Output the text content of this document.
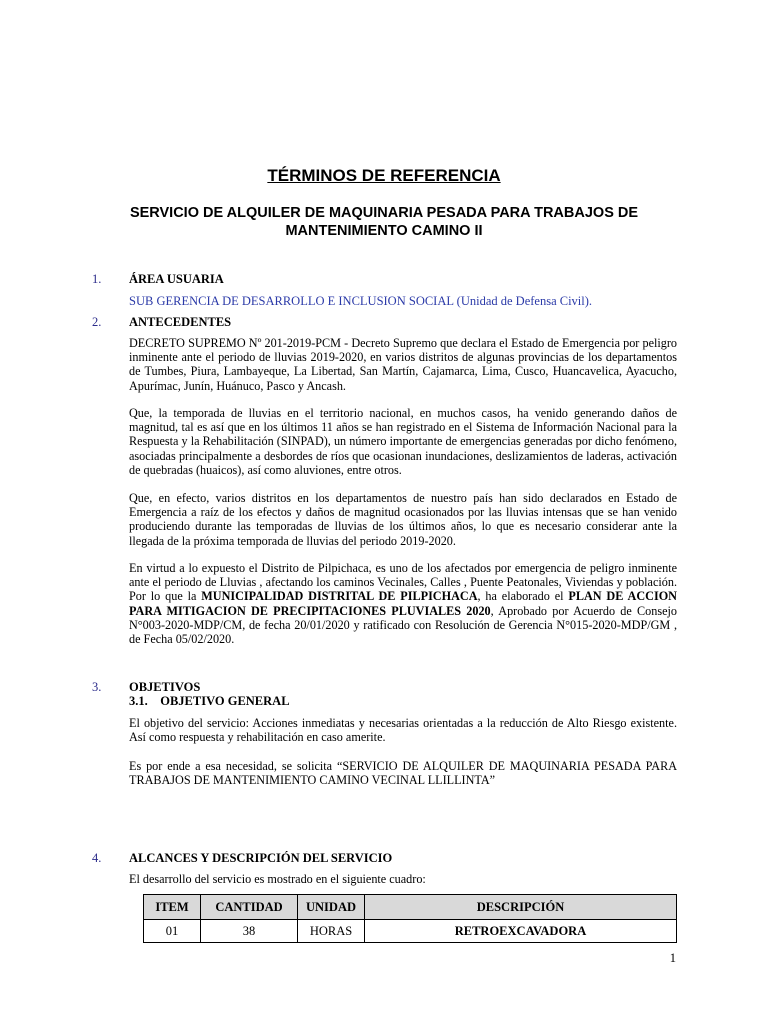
TÉRMINOS DE REFERENCIA
SERVICIO DE ALQUILER DE MAQUINARIA PESADA PARA TRABAJOS DE MANTENIMIENTO CAMINO II
1. ÁREA USUARIA
SUB GERENCIA DE DESARROLLO E INCLUSION SOCIAL (Unidad de Defensa Civil).
2. ANTECEDENTES
DECRETO SUPREMO Nº 201-2019-PCM - Decreto Supremo que declara el Estado de Emergencia por peligro inminente ante el periodo de lluvias 2019-2020, en varios distritos de algunas provincias de los departamentos de Tumbes, Piura, Lambayeque, La Libertad, San Martín, Cajamarca, Lima, Cusco, Huancavelica, Ayacucho, Apurímac, Junín, Huánuco, Pasco y Ancash.
Que, la temporada de lluvias en el territorio nacional, en muchos casos, ha venido generando daños de magnitud, tal es así que en los últimos 11 años se han registrado en el Sistema de Información Nacional para la Respuesta y la Rehabilitación (SINPAD), un número importante de emergencias generadas por dicho fenómeno, asociadas principalmente a desbordes de ríos que ocasionan inundaciones, deslizamientos de laderas, activación de quebradas (huaicos), así como aluviones, entre otros.
Que, en efecto, varios distritos en los departamentos de nuestro país han sido declarados en Estado de Emergencia a raíz de los efectos y daños de magnitud ocasionados por las lluvias intensas que se han venido produciendo durante las temporadas de lluvias de los últimos años, lo que es necesario considerar ante la llegada de la próxima temporada de lluvias del periodo 2019-2020.
En virtud a lo expuesto el Distrito de Pilpichaca, es uno de los afectados por emergencia de peligro inminente ante el periodo de Lluvias , afectando los caminos Vecinales, Calles , Puente Peatonales, Viviendas y población. Por lo que la MUNICIPALIDAD DISTRITAL DE PILPICHACA, ha elaborado el PLAN DE ACCION PARA MITIGACION DE PRECIPITACIONES PLUVIALES 2020, Aprobado por Acuerdo de Consejo N°003-2020-MDP/CM, de fecha 20/01/2020 y ratificado con Resolución de Gerencia N°015-2020-MDP/GM , de Fecha 05/02/2020.
3. OBJETIVOS
3.1.    OBJETIVO GENERAL
El objetivo del servicio: Acciones inmediatas y necesarias orientadas a la reducción de Alto Riesgo existente. Así como respuesta y rehabilitación en caso amerite.
Es por ende a esa necesidad, se solicita “SERVICIO DE ALQUILER DE MAQUINARIA PESADA PARA TRABAJOS DE MANTENIMIENTO CAMINO VECINAL LLILLINTA”
4. ALCANCES Y DESCRIPCIÓN DEL SERVICIO
El desarrollo del servicio es mostrado en el siguiente cuadro:
ITEM	CANTIDAD	UNIDAD	DESCRIPCIÓN
01	38	HORAS	RETROEXCAVADORA
1
